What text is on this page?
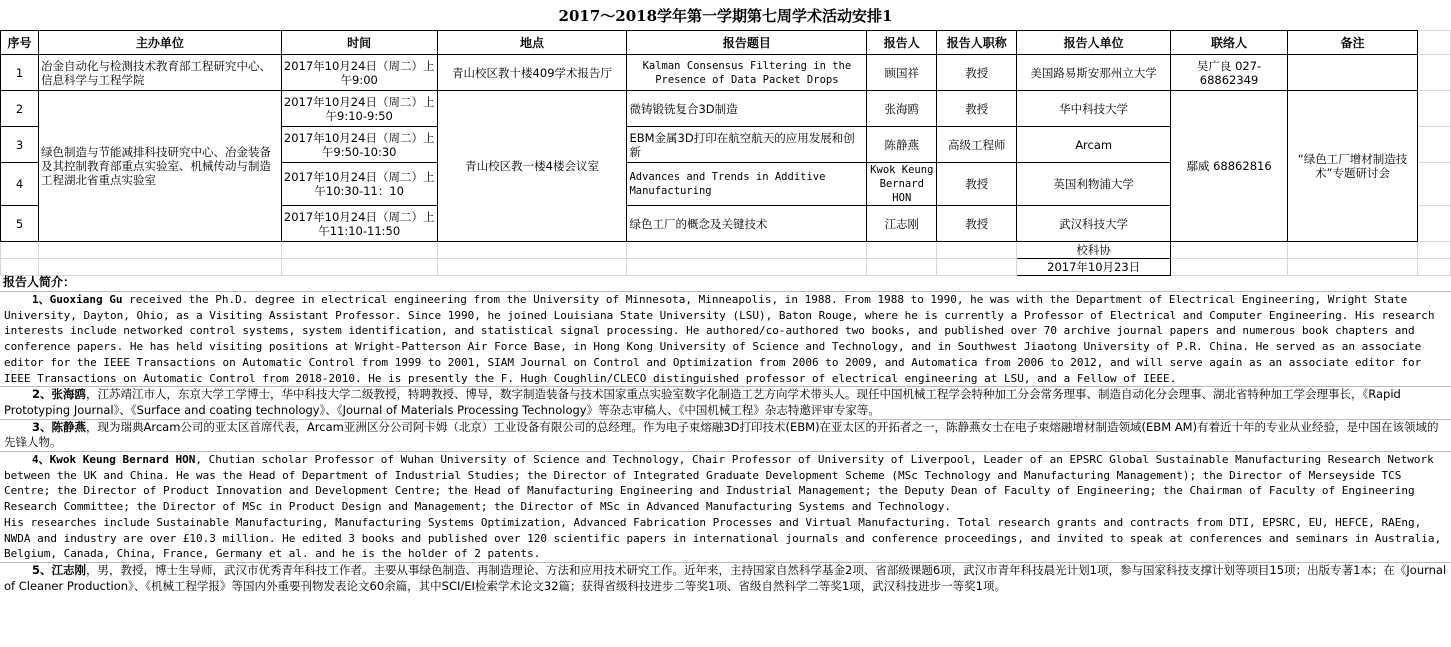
2017～2018学年第一学期第七周学术活动安排1
序号	主办单位	时间	地点	报告题目	报告人	报告人职称	报告人单位	联络人	备注	
1	冶金自动化与检测技术教育部工程研究中心、信息科学与工程学院	2017年10月24日（周二）上午9:00	青山校区教十楼409学术报告厅	Kalman Consensus Filtering in the Presence of Data Packet Drops	顾国祥	教授	美国路易斯安那州立大学	吴广良 027-68862349		
2	绿色制造与节能减排科技研究中心、冶金装备及其控制教育部重点实验室、机械传动与制造工程湖北省重点实验室	2017年10月24日（周二）上午9:10-9:50	青山校区教一楼4楼会议室	微铸锻铣复合3D制造	张海鸥	教授	华中科技大学	鄢威 68862816	“绿色工厂增材制造技术”专题研讨会	
3		2017年10月24日（周二）上午9:50-10:30		EBM金属3D打印在航空航天的应用发展和创新	陈静燕	高级工程师	Arcam			
4		2017年10月24日（周二）上午10:30-11：10		Advances and Trends in Additive Manufacturing	Kwok Keung Bernard HON	教授	英国利物浦大学			
5		2017年10月24日（周二）上午11:10-11:50		绿色工厂的概念及关键技术	江志刚	教授	武汉科技大学			
							校科协			
							2017年10月23日			
报告人简介：
1、Guoxiang Gu received the Ph.D. degree in electrical engineering from the University of Minnesota, Minneapolis, in 1988. From 1988 to 1990, he was with the Department of Electrical Engineering, Wright State University, Dayton, Ohio, as a Visiting Assistant Professor. Since 1990, he joined Louisiana State University (LSU), Baton Rouge, where he is currently a Professor of Electrical and Computer Engineering. His research interests include networked control systems, system identification, and statistical signal processing. He authored/co-authored two books, and published over 70 archive journal papers and numerous book chapters and conference papers. He has held visiting positions at Wright-Patterson Air Force Base, in Hong Kong University of Science and Technology, and in Southwest Jiaotong University of P.R. China. He served as an associate editor for the IEEE Transactions on Automatic Control from 1999 to 2001, SIAM Journal on Control and Optimization from 2006 to 2009, and Automatica from 2006 to 2012, and will serve again as an associate editor for IEEE Transactions on Automatic Control from 2018-2010. He is presently the F. Hugh Coughlin/CLECO distinguished professor of electrical engineering at LSU, and a Fellow of IEEE.
2、张海鸥，江苏靖江市人，东京大学工学博士，华中科技大学二级教授，特聘教授、博导，数字制造装备与技术国家重点实验室数字化制造工艺方向学术带头人。现任中国机械工程学会特种加工分会常务理事、制造自动化分会理事、湖北省特种加工学会理事长，《Rapid Prototyping Journal》、《Surface and coating technology》、《Journal of Materials Processing Technology》等杂志审稿人、《中国机械工程》杂志特邀评审专家等。
3、陈静燕，现为瑞典Arcam公司的亚太区首席代表，Arcam亚洲区分公司阿卡姆（北京）工业设备有限公司的总经理。作为电子束熔融3D打印技术(EBM)在亚太区的开拓者之一，陈静燕女士在电子束熔融增材制造领域(EBM AM)有着近十年的专业从业经验，是中国在该领域的先锋人物。
4、Kwok Keung Bernard HON, Chutian scholar Professor of Wuhan University of Science and Technology, Chair Professor of University of Liverpool, Leader of an EPSRC Global Sustainable Manufacturing Research Network between the UK and China. He was the Head of Department of Industrial Studies; the Director of Integrated Graduate Development Scheme (MSc Technology and Manufacturing Management); the Director of Merseyside TCS Centre; the Director of Product Innovation and Development Centre; the Head of Manufacturing Engineering and Industrial Management; the Deputy Dean of Faculty of Engineering; the Chairman of Faculty of Engineering Research Committee; the Director of MSc in Product Design and Management; the Director of MSc in Advanced Manufacturing Systems and Technology.
His researches include Sustainable Manufacturing, Manufacturing Systems Optimization, Advanced Fabrication Processes and Virtual Manufacturing. Total research grants and contracts from DTI, EPSRC, EU, HEFCE, RAEng, NWDA and industry are over £10.3 million. He edited 3 books and published over 120 scientific papers in international journals and conference proceedings, and invited to speak at conferences and seminars in Australia, Belgium, Canada, China, France, Germany et al. and he is the holder of 2 patents.
5、江志刚，男，教授，博士生导师，武汉市优秀青年科技工作者。主要从事绿色制造、再制造理论、方法和应用技术研究工作。近年来，主持国家自然科学基金2项、省部级课题6项，武汉市青年科技晨光计划1项，参与国家科技支撑计划等项目15项；出版专著1本；在《Journal of Cleaner Production》、《机械工程学报》等国内外重要刊物发表论文60余篇，其中SCI/EI检索学术论文32篇；获得省级科技进步二等奖1项、省级自然科学二等奖1项，武汉科技进步一等奖1项。
